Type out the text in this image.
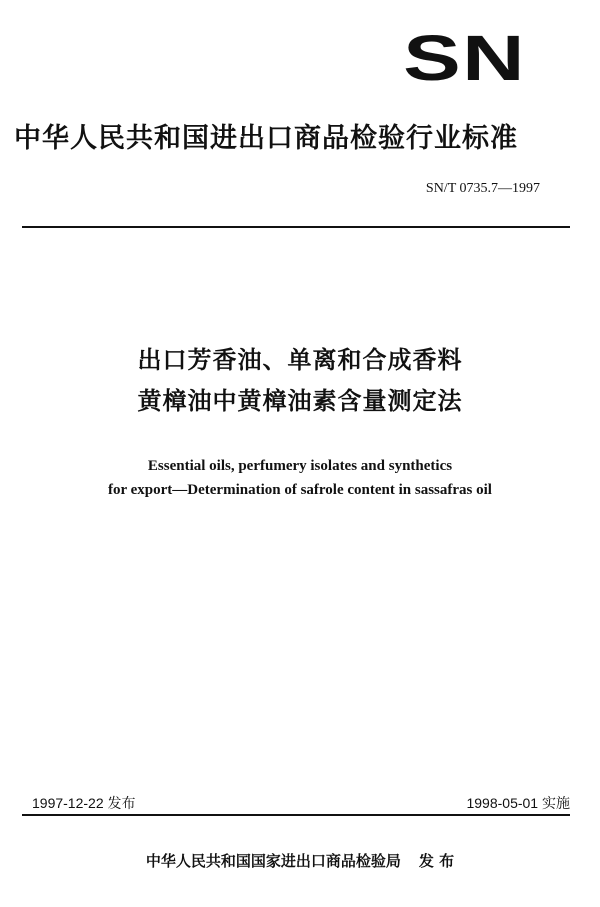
SN
中华人民共和国进出口商品检验行业标准
SN/T 0735.7—1997
出口芳香油、单离和合成香料
黄樟油中黄樟油素含量测定法
Essential oils, perfumery isolates and synthetics
for export—Determination of safrole content in sassafras oil
1997-12-22 发布	1998-05-01 实施
中华人民共和国国家进出口商品检验局 发 布
